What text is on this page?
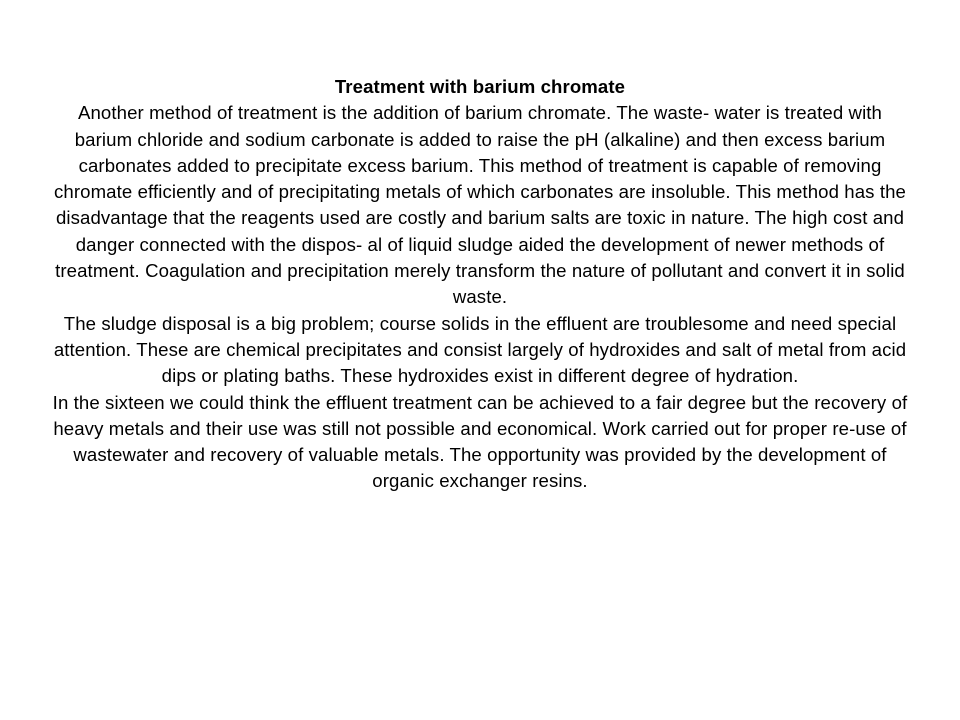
Treatment with barium chromate

Another method of treatment is the addition of barium chromate. The waste- water is treated with barium chloride and sodium carbonate is added to raise the pH (alkaline) and then excess barium carbonates added to precipitate excess barium. This method of treatment is capable of removing chromate efficiently and of precipitating metals of which carbonates are insoluble. This method has the disadvantage that the reagents used are costly and barium salts are toxic in nature. The high cost and danger connected with the dispos- al of liquid sludge aided the development of newer methods of treatment. Coagulation and precipitation merely transform the nature of pollutant and convert it in solid waste.

The sludge disposal is a big problem; course solids in the effluent are troublesome and need special attention. These are chemical precipitates and consist largely of hydroxides and salt of metal from acid dips or plating baths. These hydroxides exist in different degree of hydration.

In the sixteen we could think the effluent treatment can be achieved to a fair degree but the recovery of heavy metals and their use was still not possible and economical. Work carried out for proper re-use of wastewater and recovery of valuable metals. The opportunity was provided by the development of organic exchanger resins.
